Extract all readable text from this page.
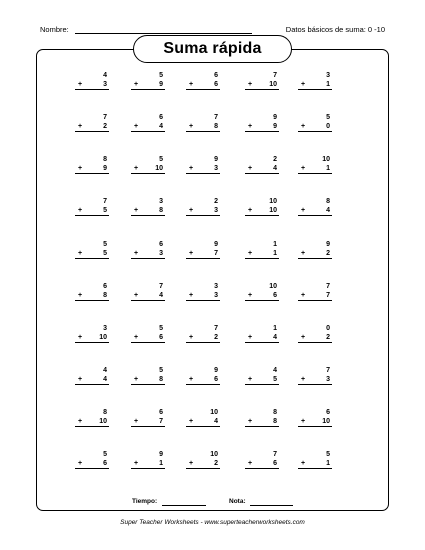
Nombre:	Datos básicos de suma: 0 -10
Suma rápida
4
+	3
5
+	9
6
+	6
7
+ 10
3
+	1
7
+	2
6
+	4
7
+	8
9
+	9
5
+	0
8
+	9
5
+ 10
9
+	3
2
+	4
10
+	1
7
+	5
3
+	8
2
+	3
10
+ 10
8
+	4
5
+	5
6
+	3
9
+	7
1
+	1
9
+	2
6
+	8
7
+	4
3
+	3
10
+	6
7
+	7
3
+ 10
5
+	6
7
+	2
1
+	4
0
+	2
4
+	4
5
+	8
9
+	6
4
+	5
7
+	3
8
+ 10
6
+	7
10
+	4
8
+	8
6
+ 10
5
+	6
9
+	1
10
+	2
7
+	6
5
+	1
Tiempo:	Nota:
Super Teacher Worksheets - www.superteacherworksheets.com
